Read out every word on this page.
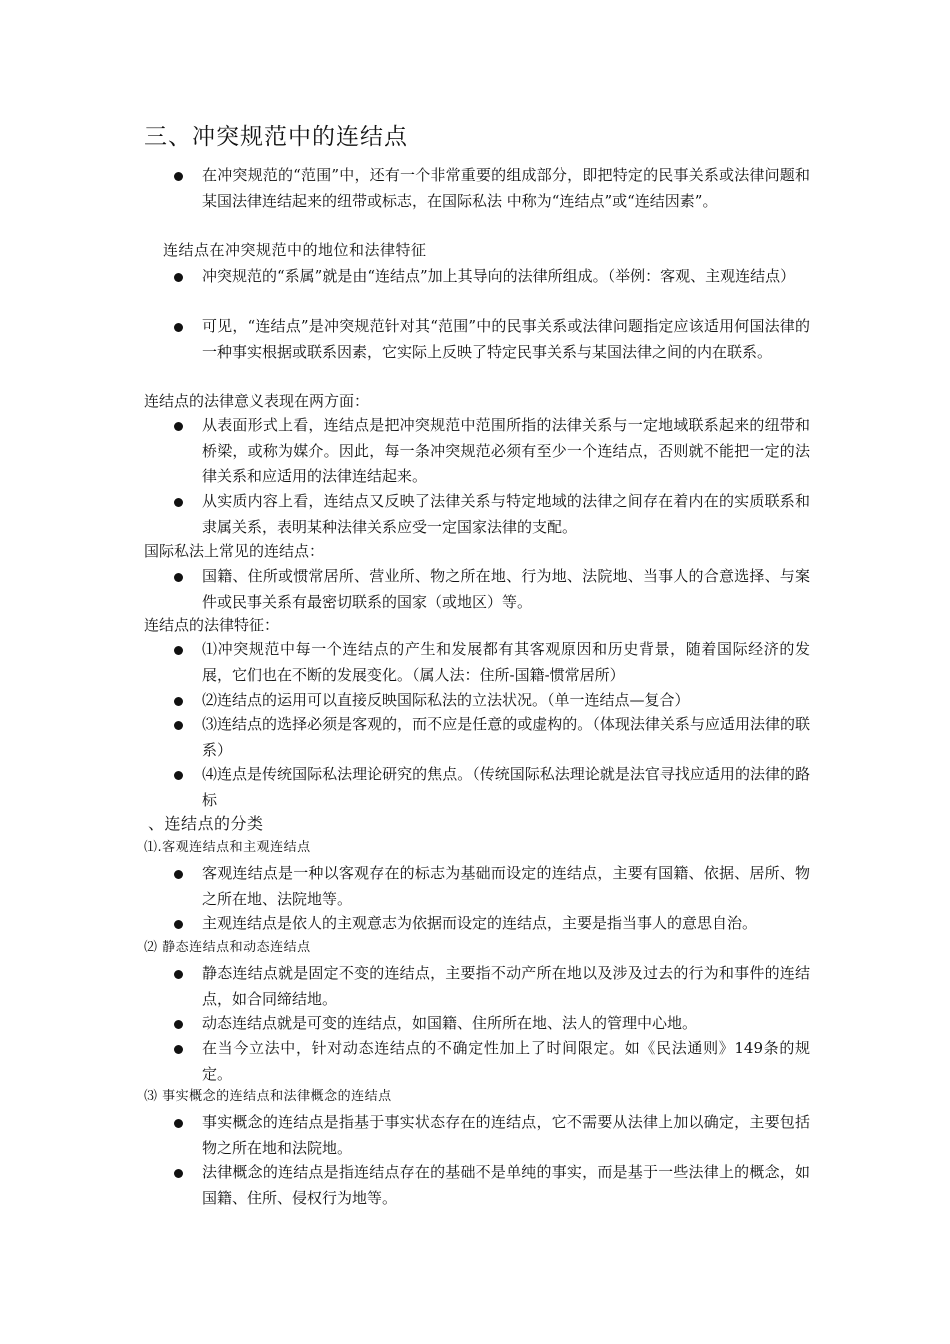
三、冲突规范中的连结点
在冲突规范的“范围”中，还有一个非常重要的组成部分，即把特定的民事关系或法律问题和某国法律连结起来的纽带或标志，在国际私法 中称为“连结点”或“连结因素”。
连结点在冲突规范中的地位和法律特征
冲突规范的“系属”就是由“连结点”加上其导向的法律所组成。（举例：客观、主观连结点）
可见，“连结点”是冲突规范针对其“范围”中的民事关系或法律问题指定应该适用何国法律的一种事实根据或联系因素，它实际上反映了特定民事关系与某国法律之间的内在联系。
连结点的法律意义表现在两方面：
从表面形式上看，连结点是把冲突规范中范围所指的法律关系与一定地域联系起来的纽带和桥梁，或称为媒介。因此，每一条冲突规范必须有至少一个连结点，否则就不能把一定的法律关系和应适用的法律连结起来。
从实质内容上看，连结点又反映了法律关系与特定地域的法律之间存在着内在的实质联系和隶属关系，表明某种法律关系应受一定国家法律的支配。
国际私法上常见的连结点：
国籍、住所或惯常居所、营业所、物之所在地、行为地、法院地、当事人的合意选择、与案件或民事关系有最密切联系的国家（或地区）等。
连结点的法律特征：
⑴冲突规范中每一个连结点的产生和发展都有其客观原因和历史背景，随着国际经济的发展，它们也在不断的发展变化。（属人法：住所-国籍-惯常居所）
⑵连结点的运用可以直接反映国际私法的立法状况。（单一连结点—复合）
⑶连结点的选择必须是客观的，而不应是任意的或虚构的。（体现法律关系与应适用法律的联系）
⑷连点是传统国际私法理论研究的焦点。（传统国际私法理论就是法官寻找应适用的法律的路标
、连结点的分类
⑴.客观连结点和主观连结点
客观连结点是一种以客观存在的标志为基础而设定的连结点，主要有国籍、依据、居所、物之所在地、法院地等。
主观连结点是依人的主观意志为依据而设定的连结点，主要是指当事人的意思自治。
⑵ 静态连结点和动态连结点
静态连结点就是固定不变的连结点，主要指不动产所在地以及涉及过去的行为和事件的连结点，如合同缔结地。
动态连结点就是可变的连结点，如国籍、住所所在地、法人的管理中心地。
在当今立法中，针对动态连结点的不确定性加上了时间限定。如《民法通则》149条的规定。
⑶ 事实概念的连结点和法律概念的连结点
事实概念的连结点是指基于事实状态存在的连结点，它不需要从法律上加以确定，主要包括物之所在地和法院地。
法律概念的连结点是指连结点存在的基础不是单纯的事实，而是基于一些法律上的概念，如国籍、住所、侵权行为地等。
